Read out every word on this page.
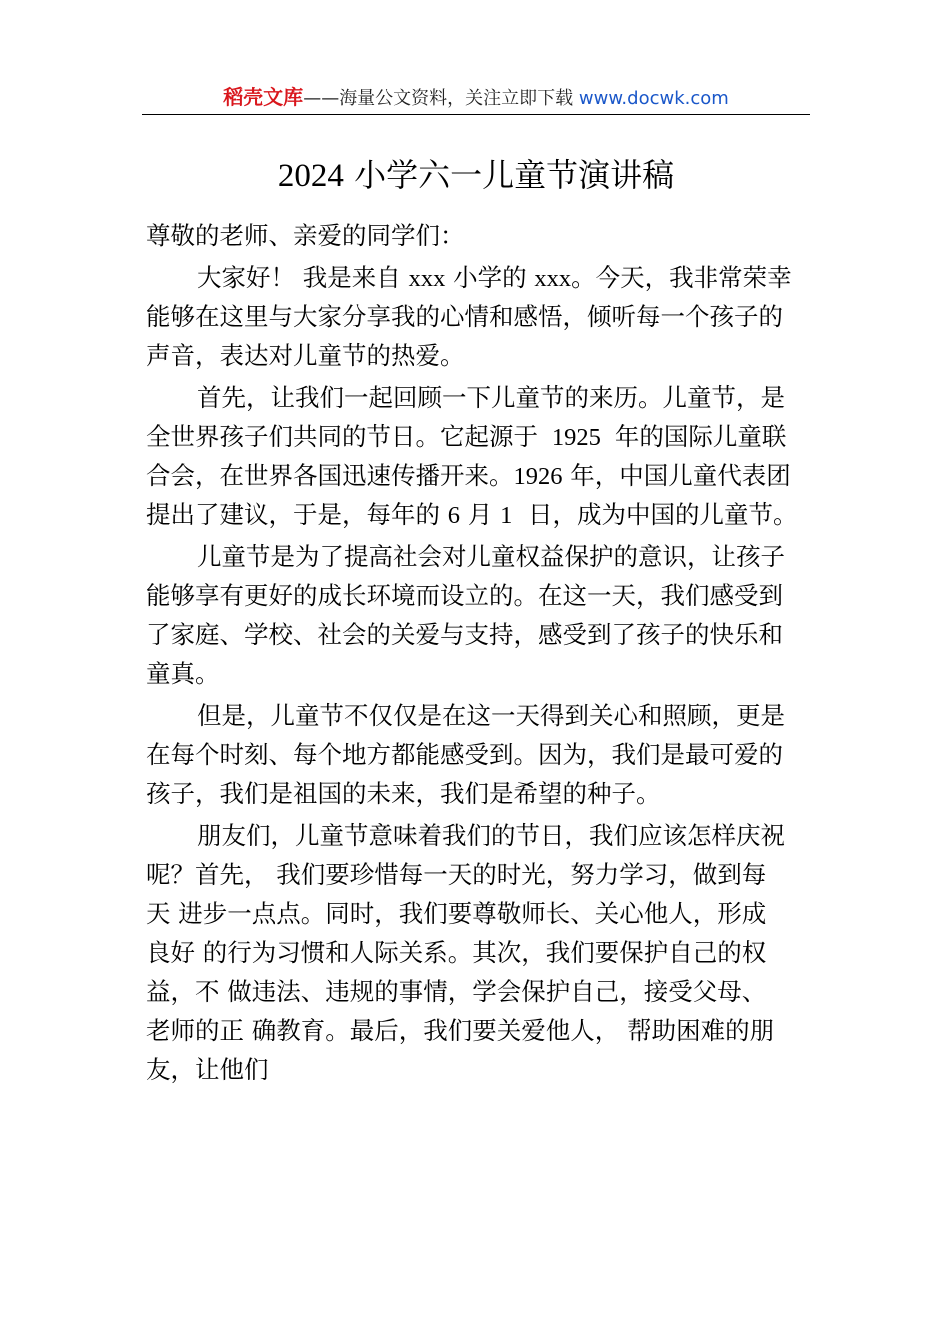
稻壳文库——海量公文资料，关注立即下载 www.docwk.com
2024 小学六一儿童节演讲稿
尊敬的老师、亲爱的同学们：
大家好！ 我是来自 xxx 小学的 xxx。今天，我非常荣幸
能够在这里与大家分享我的心情和感悟，倾听每一个孩子的
声音，表达对儿童节的热爱。
首先，让我们一起回顾一下儿童节的来历。儿童节，是
全世界孩子们共同的节日。它起源于  1925  年的国际儿童联
合会，在世界各国迅速传播开来。1926 年，中国儿童代表团
提出了建议，于是，每年的 6 月 1  日，成为中国的儿童节。
儿童节是为了提高社会对儿童权益保护的意识，让孩子
能够享有更好的成长环境而设立的。在这一天，我们感受到
了家庭、学校、社会的关爱与支持，感受到了孩子的快乐和
童真。
但是，儿童节不仅仅是在这一天得到关心和照顾，更是
在每个时刻、每个地方都能感受到。因为，我们是最可爱的
孩子，我们是祖国的未来，我们是希望的种子。
朋友们，儿童节意味着我们的节日，我们应该怎样庆祝
呢？首先， 我们要珍惜每一天的时光，努力学习，做到每
天 进步一点点。同时，我们要尊敬师长、关心他人，形成
良好 的行为习惯和人际关系。其次，我们要保护自己的权
益，不 做违法、违规的事情，学会保护自己，接受父母、
老师的正 确教育。最后，我们要关爱他人， 帮助困难的朋
友，让他们
